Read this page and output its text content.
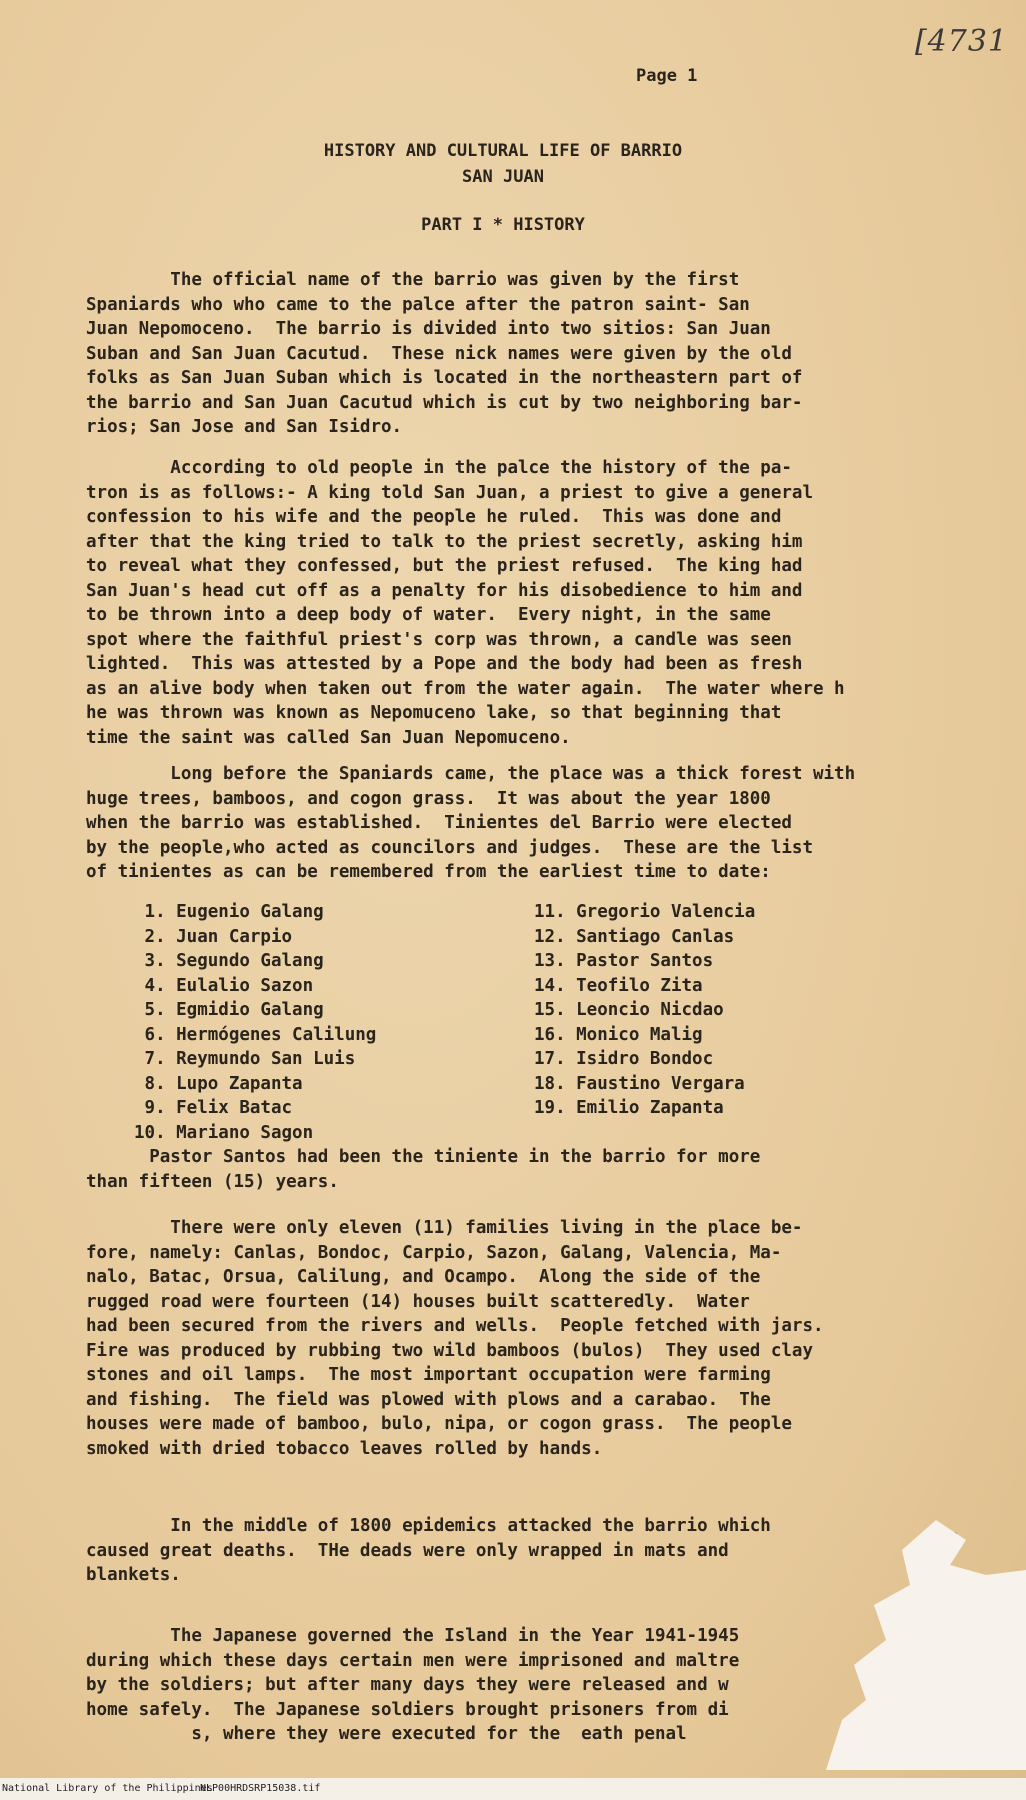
[4731
Page 1
HISTORY AND CULTURAL LIFE OF BARRIO
SAN JUAN
PART I * HISTORY

The official name of the barrio was given by the first
Spaniards who who came to the palce after the patron saint- San
Juan Nepomoceno.  The barrio is divided into two sitios: San Juan
Suban and San Juan Cacutud.  These nick names were given by the old
folks as San Juan Suban which is located in the northeastern part of
the barrio and San Juan Cacutud which is cut by two neighboring bar-
rios; San Jose and San Isidro.

According to old people in the palce the history of the pa-
tron is as follows:- A king told San Juan, a priest to give a general
confession to his wife and the people he ruled.  This was done and
after that the king tried to talk to the priest secretly, asking him
to reveal what they confessed, but the priest refused.  The king had
San Juan's head cut off as a penalty for his disobedience to him and
to be thrown into a deep body of water.  Every night, in the same
spot where the faithful priest's corp was thrown, a candle was seen
lighted.  This was attested by a Pope and the body had been as fresh
as an alive body when taken out from the water again.  The water where h
he was thrown was known as Nepomuceno lake, so that beginning that
time the saint was called San Juan Nepomuceno.

Long before the Spaniards came, the place was a thick forest with
huge trees, bamboos, and cogon grass.  It was about the year 1800
when the barrio was established.  Tinientes del Barrio were elected
by the people,who acted as councilors and judges.  These are the list
of tinientes as can be remembered from the earliest time to date:

1. Eugenio Galang
2. Juan Carpio
3. Segundo Galang
4. Eulalio Sazon
5. Egmidio Galang
6. Hermógenes Calilung
7. Reymundo San Luis
8. Lupo Zapanta
9. Felix Batac
10. Mariano Sagon
11. Gregorio Valencia
12. Santiago Canlas
13. Pastor Santos
14. Teofilo Zita
15. Leoncio Nicdao
16. Monico Malig
17. Isidro Bondoc
18. Faustino Vergara
19. Emilio Zapanta

Pastor Santos had been the tiniente in the barrio for more
than fifteen (15) years.

There were only eleven (11) families living in the place be-
fore, namely: Canlas, Bondoc, Carpio, Sazon, Galang, Valencia, Ma-
nalo, Batac, Orsua, Calilung, and Ocampo.  Along the side of the
rugged road were fourteen (14) houses built scatteredly.  Water
had been secured from the rivers and wells.  People fetched with jars.
Fire was produced by rubbing two wild bamboos (bulos)  They used clay
stones and oil lamps.  The most important occupation were farming
and fishing.  The field was plowed with plows and a carabao.  The
houses were made of bamboo, bulo, nipa, or cogon grass.  The people
smoked with dried tobacco leaves rolled by hands.

In the middle of 1800 epidemics attacked the barrio which
caused great deaths.  THe deads were only wrapped in mats and
blankets.

The Japanese governed the Island in the Year 1941-1945
during which these days certain men were imprisoned and maltre
by the soldiers; but after many days they were released and w
home safely.  The Japanese soldiers brought prisoners from di
s, where they were executed for the  eath penal

National Library of the Philippines
NLP00HRDSRP15038.tif
